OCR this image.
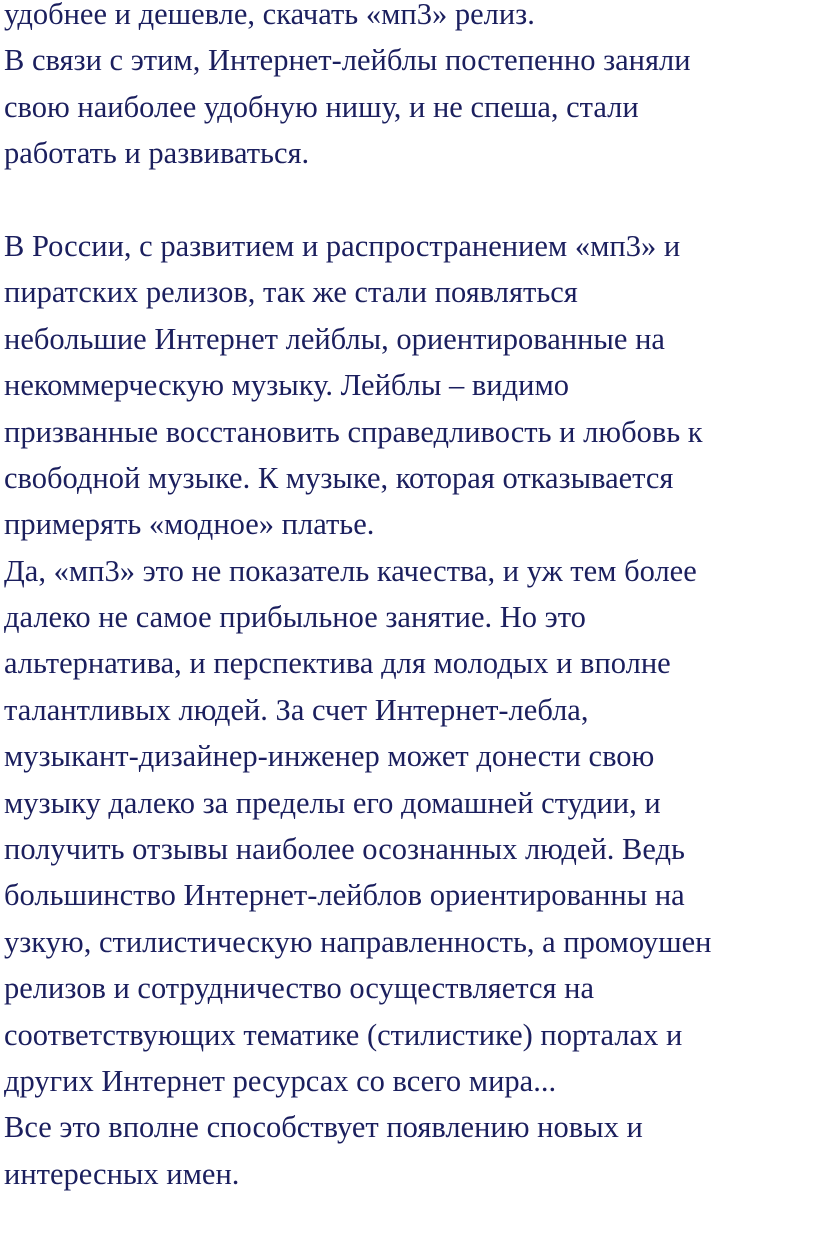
удобнее и дешевле, скачать «мп3» релиз.
В связи с этим, Интернет-лейблы постепенно заняли
свою наиболее удобную нишу, и не спеша, стали
работать и развиваться.
В России, с развитием и распространением «мп3» и
пиратских релизов, так же стали появляться
небольшие Интернет лейблы, ориентированные на
некоммерческую музыку. Лейблы – видимо
призванные восстановить справедливость и любовь к
свободной музыке. К музыке, которая отказывается
примерять «модное» платье.
Да, «мп3» это не показатель качества, и уж тем более
далеко не самое прибыльное занятие. Но это
альтернатива, и перспектива для молодых и вполне
талантливых людей. За счет Интернет-лебла,
музыкант-дизайнер-инженер может донести свою
музыку далеко за пределы его домашней студии, и
получить отзывы наиболее осознанных людей. Ведь
большинство Интернет-лейблов ориентированны на
узкую, стилистическую направленность, а промоушен
релизов и сотрудничество осуществляется на
соответствующих тематике (стилистике) порталах и
других Интернет ресурсах со всего мира...
Все это вполне способствует появлению новых и
интересных имен.
